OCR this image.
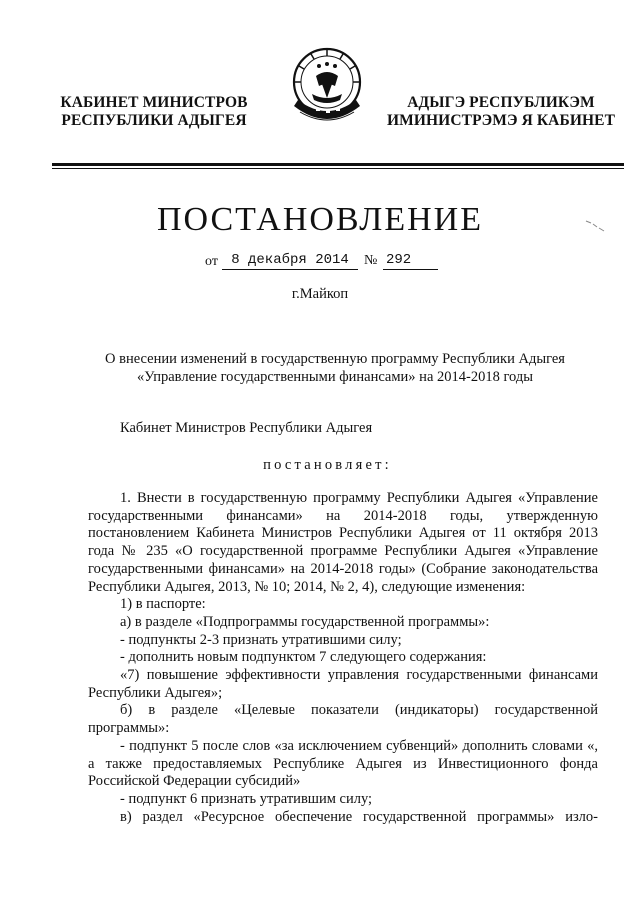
КАБИНЕТ МИНИСТРОВ
РЕСПУБЛИКИ АДЫГЕЯ
АДЫГЭ РЕСПУБЛИКЭМ
ИМИНИСТРЭМЭ Я КАБИНЕТ
ПОСТАНОВЛЕНИЕ
от 8 декабря 2014	№ 292
г.Майкоп
О внесении изменений в государственную программу Республики Адыгея
«Управление государственными финансами» на 2014-2018 годы
Кабинет Министров Республики Адыгея
постановляет:

1. Внести в государственную программу Республики Адыгея «Управление государственными финансами» на 2014-2018 годы, утвержденную постановлением Кабинета Министров Республики Адыгея от 11 октября 2013 года № 235 «О государственной программе Республики Адыгея «Управление государственными финансами» на 2014-2018 годы» (Собрание законодательства Республики Адыгея, 2013, № 10; 2014, № 2, 4), следующие изменения:

1) в паспорте:

а) в разделе «Подпрограммы государственной программы»:

- подпункты 2-3 признать утратившими силу;

- дополнить новым подпунктом 7 следующего содержания:

«7) повышение эффективности управления государственными финансами Республики Адыгея»;

б) в разделе «Целевые показатели (индикаторы) государственной программы»:

- подпункт 5 после слов «за исключением субвенций» дополнить словами «, а также предоставляемых Республике Адыгея из Инвестиционного фонда Российской Федерации субсидий»

- подпункт 6 признать утратившим силу;

в) раздел «Ресурсное обеспечение государственной программы» изло-
